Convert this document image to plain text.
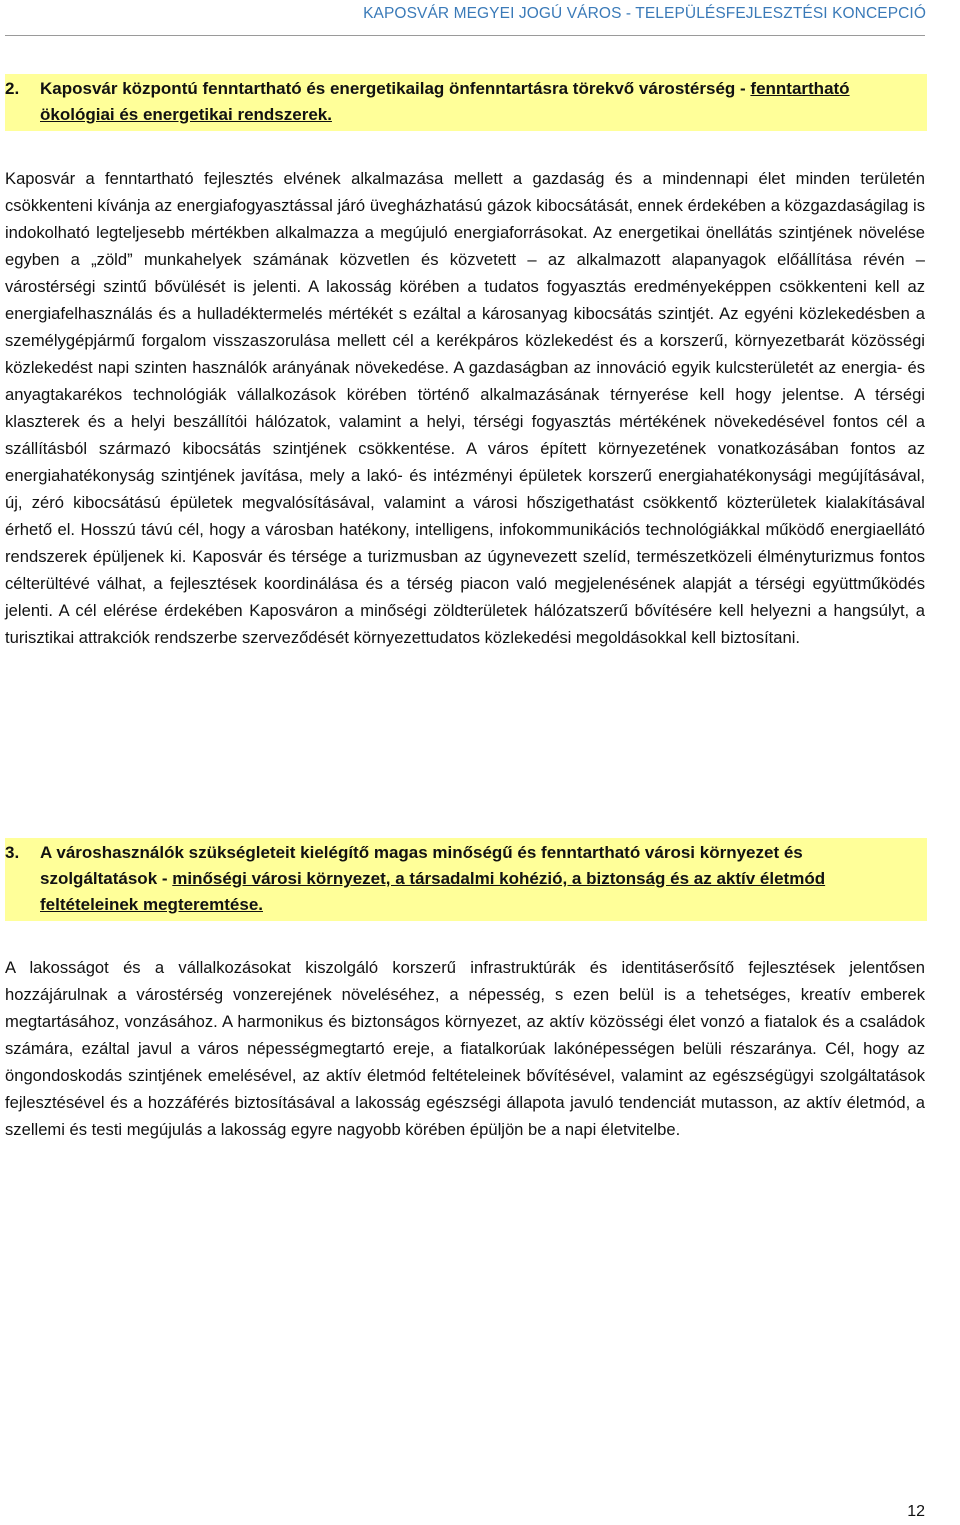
KAPOSVÁR MEGYEI JOGÚ VÁROS - TELEPÜLÉSFEJLESZTÉSI KONCEPCIÓ
2. Kaposvár központú fenntartható és energetikailag önfenntartásra törekvő várostérség - fenntartható ökológiai és energetikai rendszerek.

Kaposvár a fenntartható fejlesztés elvének alkalmazása mellett a gazdaság és a mindennapi élet minden területén csökkenteni kívánja az energiafogyasztással járó üvegházhatású gázok kibocsátását, ennek érdekében a közgazdaságilag is indokolható legteljesebb mértékben alkalmazza a megújuló energiaforrásokat. Az energetikai önellátás szintjének növelése egyben a „zöld” munkahelyek számának közvetlen és közvetett – az alkalmazott alapanyagok előállítása révén – várostérségi szintű bővülését is jelenti. A lakosság körében a tudatos fogyasztás eredményeképpen csökkenteni kell az energiafelhasználás és a hulladéktermelés mértékét s ezáltal a károsanyag kibocsátás szintjét. Az egyéni közlekedésben a személygépjármű forgalom visszaszorulása mellett cél a kerékpáros közlekedést és a korszerű, környezetbarát közösségi közlekedést napi szinten használók arányának növekedése. A gazdaságban az innováció egyik kulcsterületét az energia- és anyagtakarékos technológiák vállalkozások körében történő alkalmazásának térnyerése kell hogy jelentse. A térségi klaszterek és a helyi beszállítói hálózatok, valamint a helyi, térségi fogyasztás mértékének növekedésével fontos cél a szállításból származó kibocsátás szintjének csökkentése. A város épített környezetének vonatkozásában fontos az energiahatékonyság szintjének javítása, mely a lakó- és intézményi épületek korszerű energiahatékonysági megújításával, új, zéró kibocsátású épületek megvalósításával, valamint a városi hőszigethatást csökkentő közterületek kialakításával érhető el. Hosszú távú cél, hogy a városban hatékony, intelligens, infokommunikációs technológiákkal működő energiaellátó rendszerek épüljenek ki. Kaposvár és térsége a turizmusban az úgynevezett szelíd, természetközeli élményturizmus fontos célterültévé válhat, a fejlesztések koordinálása és a térség piacon való megjelenésének alapját a térségi együttműködés jelenti. A cél elérése érdekében Kaposváron a minőségi zöldterületek hálózatszerű bővítésére kell helyezni a hangsúlyt, a turisztikai attrakciók rendszerbe szerveződését környezettudatos közlekedési megoldásokkal kell biztosítani.

3. A városhasználók szükségleteit kielégítő magas minőségű és fenntartható városi környezet és szolgáltatások - minőségi városi környezet, a társadalmi kohézió, a biztonság és az aktív életmód feltételeinek megteremtése.

A lakosságot és a vállalkozásokat kiszolgáló korszerű infrastruktúrák és identitáserősítő fejlesztések jelentősen hozzájárulnak a várostérség vonzerejének növeléséhez, a népesség, s ezen belül is a tehetséges, kreatív emberek megtartásához, vonzásához. A harmonikus és biztonságos környezet, az aktív közösségi élet vonzó a fiatalok és a családok számára, ezáltal javul a város népességmegtartó ereje, a fiatalkorúak lakónépességen belüli részaránya. Cél, hogy az öngondoskodás szintjének emelésével, az aktív életmód feltételeinek bővítésével, valamint az egészségügyi szolgáltatások fejlesztésével és a hozzáférés biztosításával a lakosság egészségi állapota javuló tendenciát mutasson, az aktív életmód, a szellemi és testi megújulás a lakosság egyre nagyobb körében épüljön be a napi életvitelbe.

12
